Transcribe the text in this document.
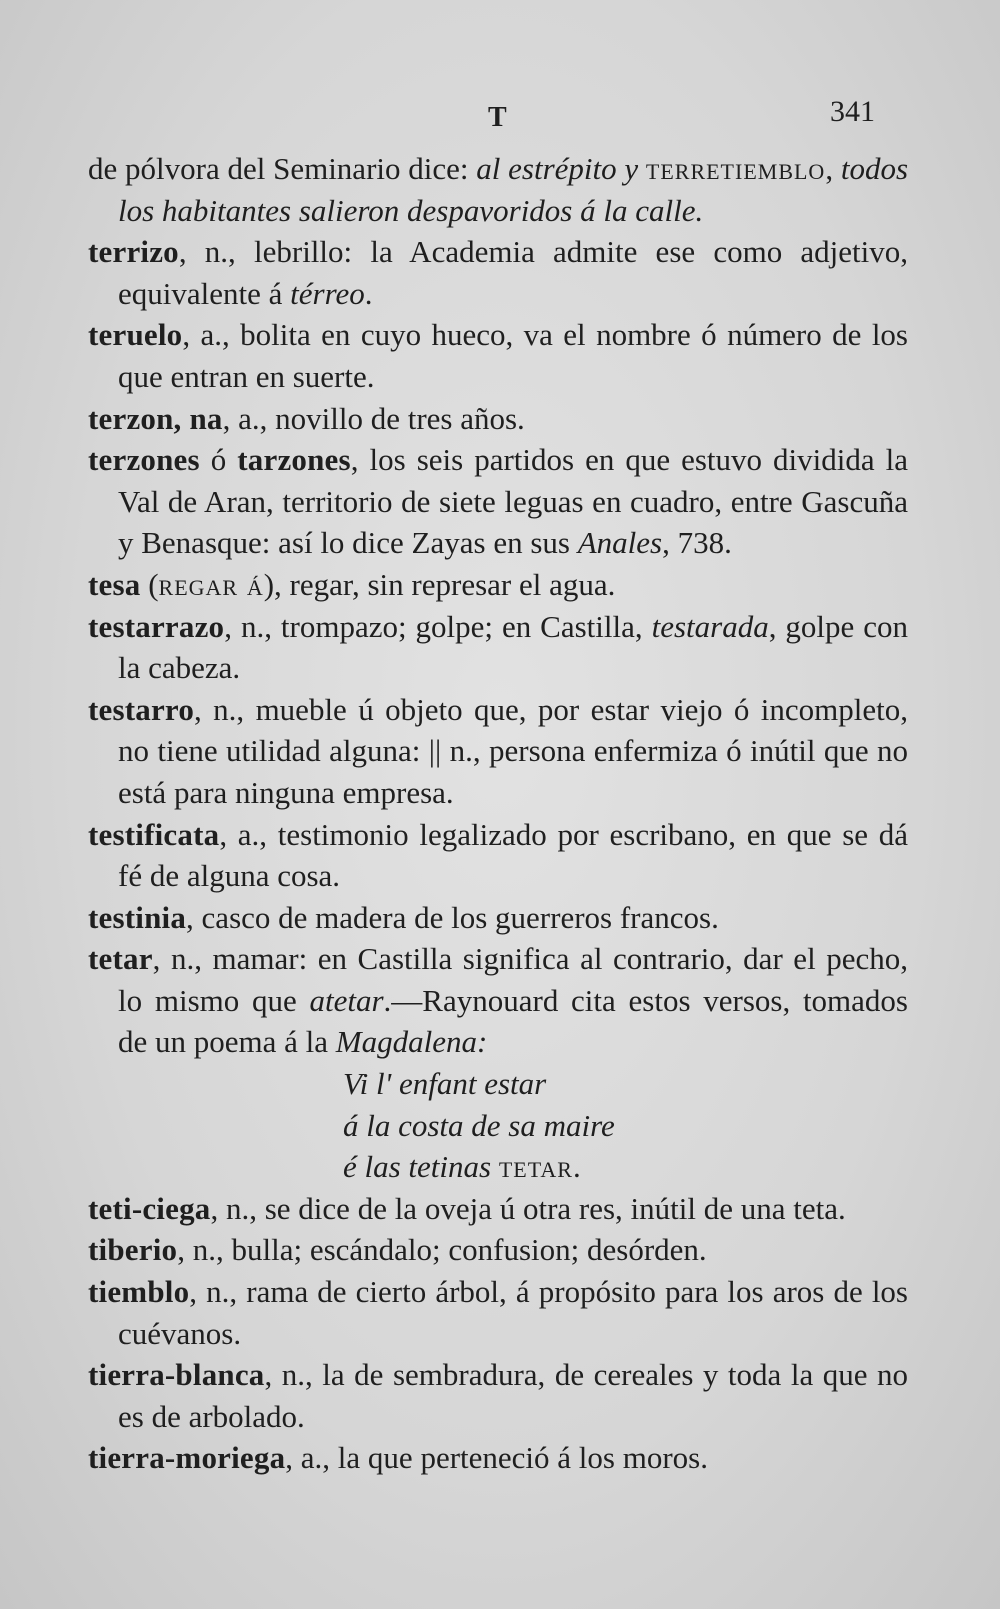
T	341

de pólvora del Seminario dice: al estrépito y terretiemblo, todos los habitantes salieron despavoridos á la calle.

terrizo, n., lebrillo: la Academia admite ese como adjetivo, equivalente á térreo.

teruelo, a., bolita en cuyo hueco, va el nombre ó número de los que entran en suerte.

terzon, na, a., novillo de tres años.

terzones ó tarzones, los seis partidos en que estuvo dividida la Val de Aran, territorio de siete leguas en cuadro, entre Gascuña y Benasque: así lo dice Zayas en sus Anales, 738.

tesa (regar á), regar, sin represar el agua.

testarrazo, n., trompazo; golpe; en Castilla, testarada, golpe con la cabeza.

testarro, n., mueble ú objeto que, por estar viejo ó incompleto, no tiene utilidad alguna: || n., persona enfermiza ó inútil que no está para ninguna empresa.

testificata, a., testimonio legalizado por escribano, en que se dá fé de alguna cosa.

testinia, casco de madera de los guerreros francos.

tetar, n., mamar: en Castilla significa al contrario, dar el pecho, lo mismo que atetar.—Raynouard cita estos versos, tomados de un poema á la Magdalena:

Vi l' enfant estar
á la costa de sa maire
é las tetinas tetar.

teti-ciega, n., se dice de la oveja ú otra res, inútil de una teta.

tiberio, n., bulla; escándalo; confusion; desórden.

tiemblo, n., rama de cierto árbol, á propósito para los aros de los cuévanos.

tierra-blanca, n., la de sembradura, de cereales y toda la que no es de arbolado.

tierra-moriega, a., la que perteneció á los moros.
